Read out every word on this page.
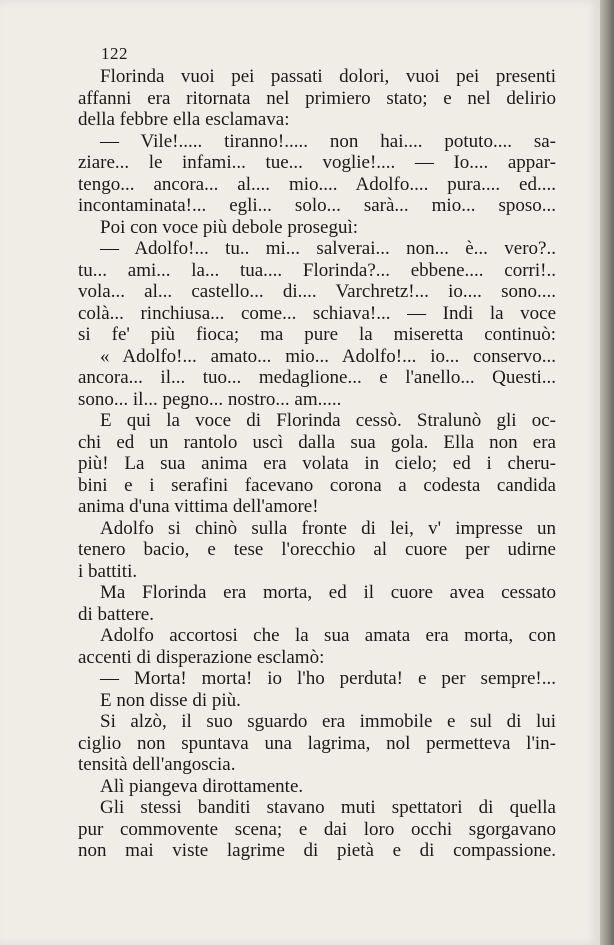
122
Florinda vuoi pei passati dolori, vuoi pei presenti
affanni era ritornata nel primiero stato; e nel delirio
della febbre ella esclamava:
— Vile!..... tiranno!..... non hai.... potuto.... sa-
ziare... le infami... tue... voglie!.... — Io.... appar-
tengo... ancora... al.... mio.... Adolfo.... pura.... ed....
incontaminata!... egli... solo... sarà... mio... sposo...
Poi con voce più debole proseguì:
— Adolfo!... tu.. mi... salverai... non... è... vero?..
tu... ami... la... tua.... Florinda?... ebbene.... corri!..
vola... al... castello... di.... Varchretz!... io.... sono....
colà... rinchiusa... come... schiava!... — Indi la voce
si fe' più fioca; ma pure la miseretta continuò:
« Adolfo!... amato... mio... Adolfo!... io... conservo...
ancora... il... tuo... medaglione... e l'anello... Questi...
sono... il... pegno... nostro... am.....
E qui la voce di Florinda cessò. Stralunò gli oc-
chi ed un rantolo uscì dalla sua gola. Ella non era
più! La sua anima era volata in cielo; ed i cheru-
bini e i serafini facevano corona a codesta candida
anima d'una vittima dell'amore!
Adolfo si chinò sulla fronte di lei, v' impresse un
tenero bacio, e tese l'orecchio al cuore per udirne
i battiti.
Ma Florinda era morta, ed il cuore avea cessato
di battere.
Adolfo accortosi che la sua amata era morta, con
accenti di disperazione esclamò:
— Morta! morta! io l'ho perduta! e per sempre!...
E non disse di più.
Si alzò, il suo sguardo era immobile e sul di lui
ciglio non spuntava una lagrima, nol permetteva l'in-
tensità dell'angoscia.
Alì piangeva dirottamente.
Gli stessi banditi stavano muti spettatori di quella
pur commovente scena; e dai loro occhi sgorgavano
non mai viste lagrime di pietà e di compassione.
